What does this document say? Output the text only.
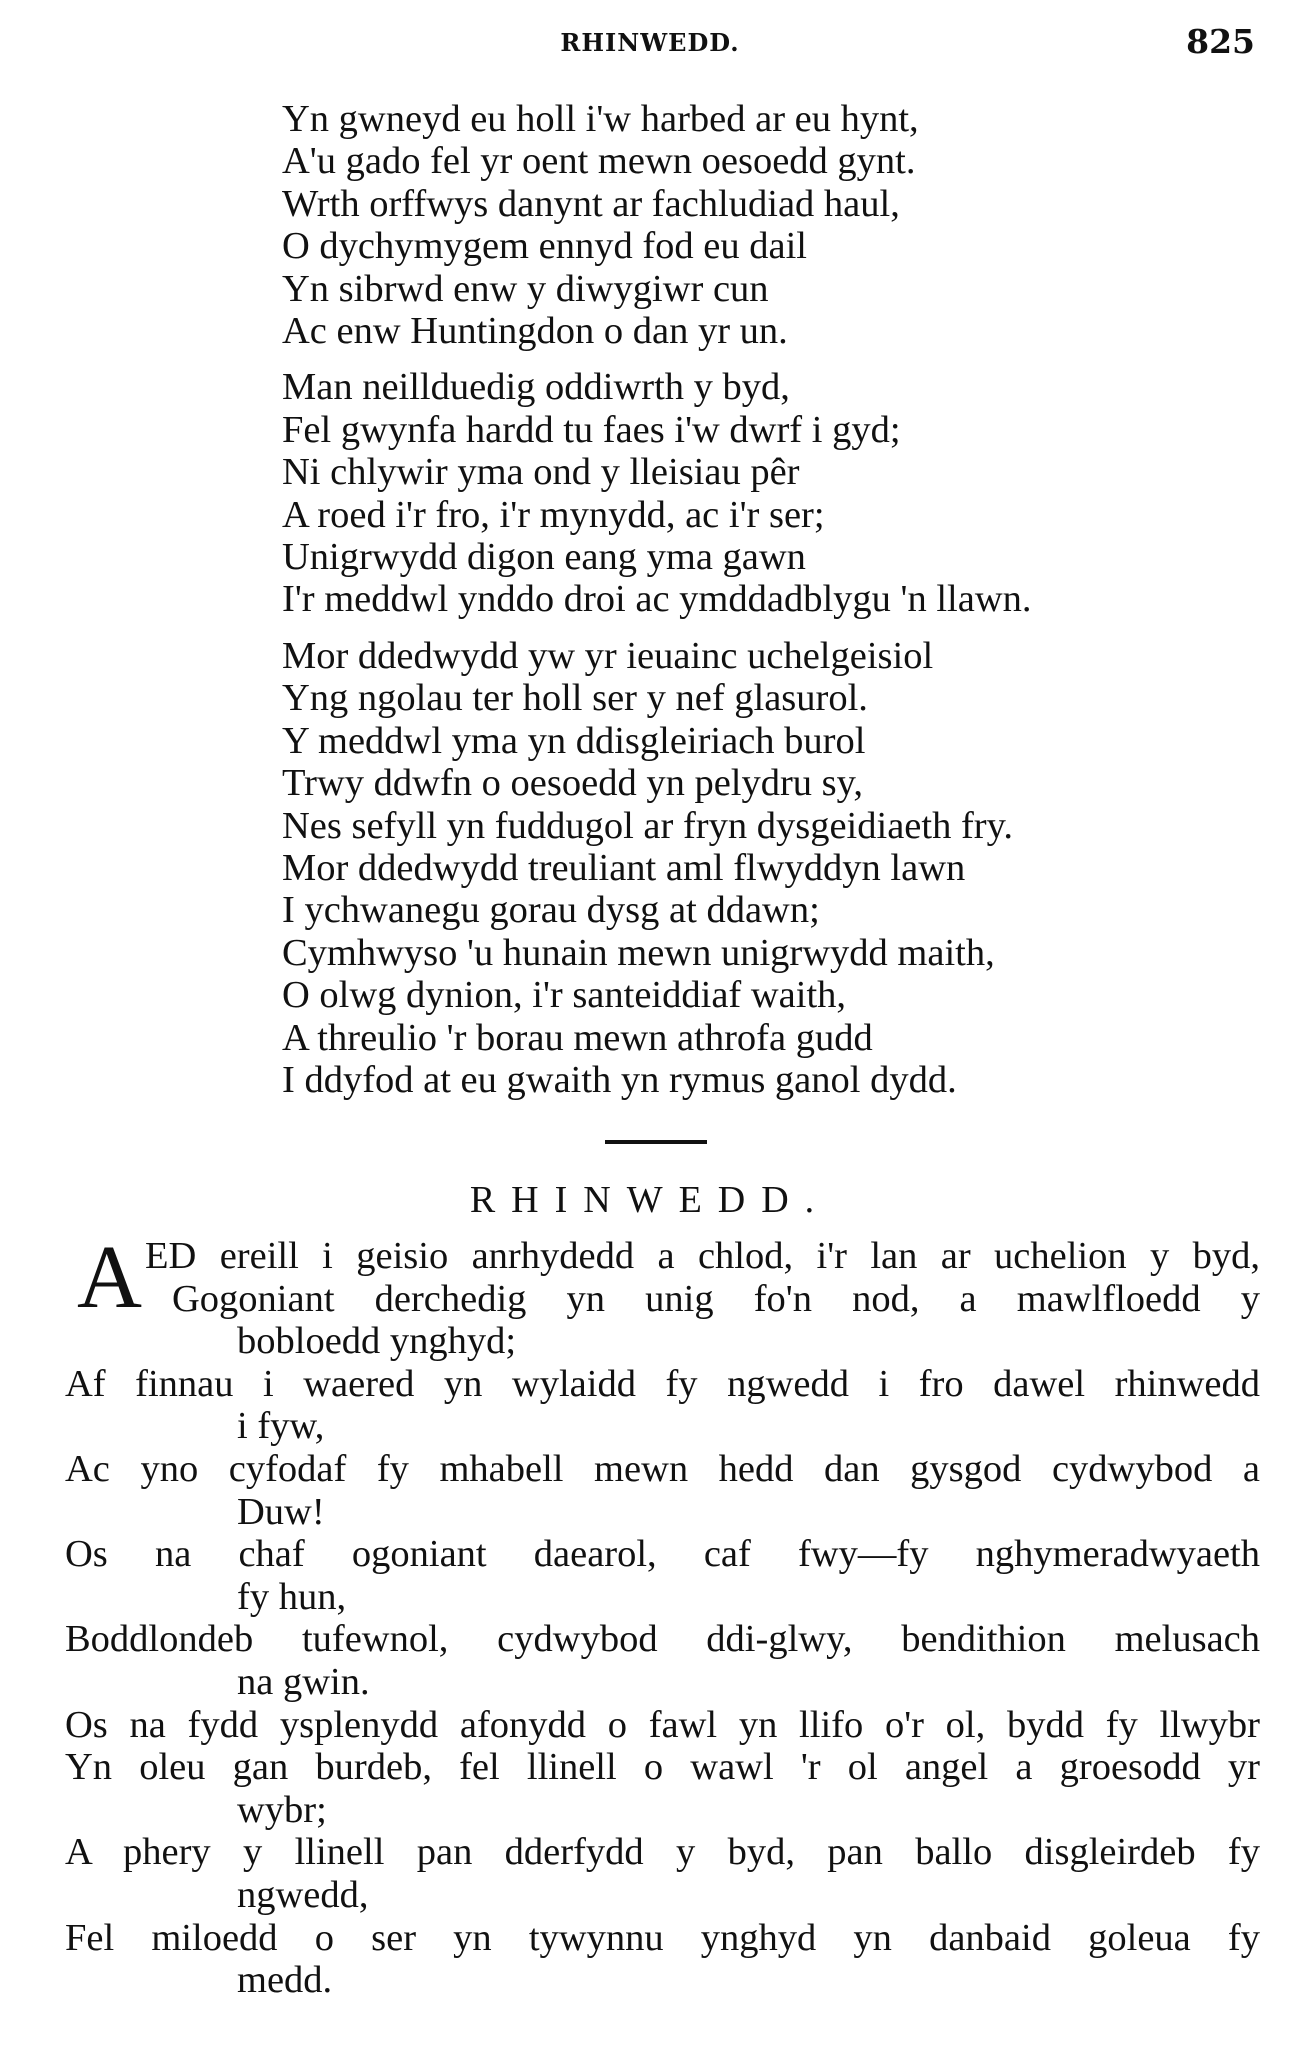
RHINWEDD.	825
Yn gwneyd eu holl i'w harbed ar eu hynt,
A'u gado fel yr oent mewn oesoedd gynt.
Wrth orffwys danynt ar fachludiad haul,
O dychymygem ennyd fod eu dail
Yn sibrwd enw y diwygiwr cun
Ac enw Huntingdon o dan yr un.
Man neillduedig oddiwrth y byd,
Fel gwynfa hardd tu faes i'w dwrf i gyd;
Ni chlywir yma ond y lleisiau pêr
A roed i'r fro, i'r mynydd, ac i'r ser;
Unigrwydd digon eang yma gawn
I'r meddwl ynddo droi ac ymddadblygu 'n llawn.
Mor ddedwydd yw yr ieuainc uchelgeisiol
Yng ngolau ter holl ser y nef glasurol.
Y meddwl yma yn ddisgleiriach burol
Trwy ddwfn o oesoedd yn pelydru sy,
Nes sefyll yn fuddugol ar fryn dysgeidiaeth fry.
Mor ddedwydd treuliant aml flwyddyn lawn
I ychwanegu gorau dysg at ddawn;
Cymhwyso 'u hunain mewn unigrwydd maith,
O olwg dynion, i'r santeiddiaf waith,
A threulio 'r borau mewn athrofa gudd
I ddyfod at eu gwaith yn rymus ganol dydd.
RHINWEDD.
A ED ereill i geisio anrhydedd a chlod, i'r lan ar uchelion y byd,
Gogoniant derchedig yn unig fo'n nod, a mawlfloedd y
bobloedd ynghyd;
Af finnau i waered yn wylaidd fy ngwedd i fro dawel rhinwedd
i fyw,
Ac yno cyfodaf fy mhabell mewn hedd dan gysgod cydwybod a
Duw!
Os na chaf ogoniant daearol, caf fwy—fy nghymeradwyaeth
fy hun,
Boddlondeb tufewnol, cydwybod ddi-glwy, bendithion melusach
na gwin.
Os na fydd ysplenydd afonydd o fawl yn llifo o'r ol, bydd fy llwybr
Yn oleu gan burdeb, fel llinell o wawl 'r ol angel a groesodd yr
wybr;
A phery y llinell pan dderfydd y byd, pan ballo disgleirdeb fy
ngwedd,
Fel miloedd o ser yn tywynnu ynghyd yn danbaid goleua fy
medd.
